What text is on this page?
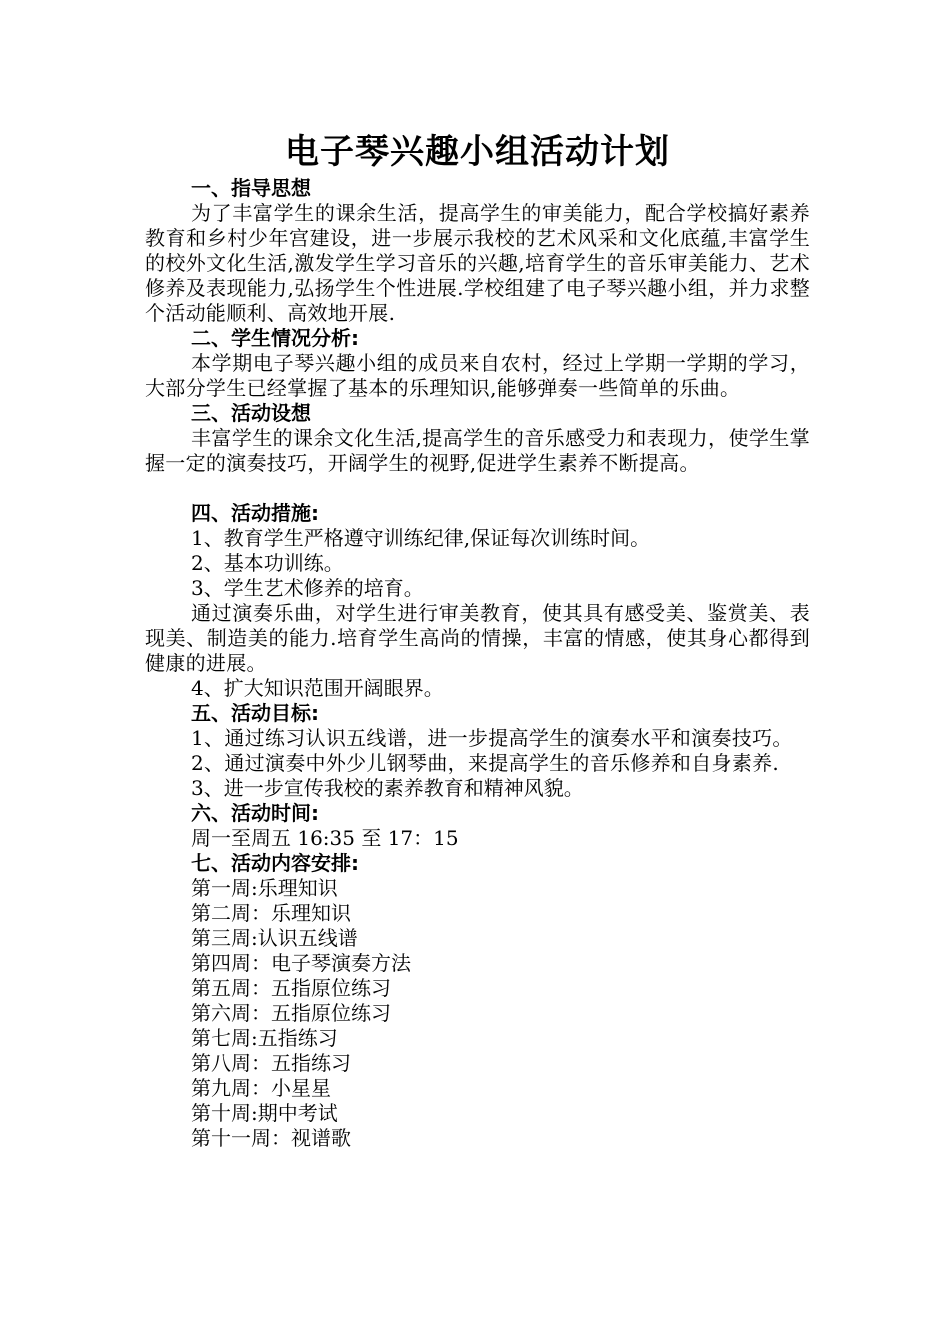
电子琴兴趣小组活动计划
一、指导思想
为了丰富学生的课余生活，提高学生的审美能力，配合学校搞好素养教育和乡村少年宫建设，进一步展示我校的艺术风采和文化底蕴,丰富学生的校外文化生活,激发学生学习音乐的兴趣,培育学生的音乐审美能力、艺术修养及表现能力,弘扬学生个性进展.学校组建了电子琴兴趣小组，并力求整个活动能顺利、高效地开展.
二、学生情况分析:
本学期电子琴兴趣小组的成员来自农村，经过上学期一学期的学习，大部分学生已经掌握了基本的乐理知识,能够弹奏一些简单的乐曲。
三、活动设想
丰富学生的课余文化生活,提高学生的音乐感受力和表现力，使学生掌握一定的演奏技巧，开阔学生的视野,促进学生素养不断提高。
四、活动措施:
1、教育学生严格遵守训练纪律,保证每次训练时间。
2、基本功训练。
3、学生艺术修养的培育。
通过演奏乐曲，对学生进行审美教育，使其具有感受美、鉴赏美、表现美、制造美的能力.培育学生高尚的情操，丰富的情感，使其身心都得到健康的进展。
4、扩大知识范围开阔眼界。
五、活动目标:
1、通过练习认识五线谱，进一步提高学生的演奏水平和演奏技巧。
2、通过演奏中外少儿钢琴曲，来提高学生的音乐修养和自身素养.
3、进一步宣传我校的素养教育和精神风貌。
六、活动时间:
周一至周五 16:35 至 17：15
七、活动内容安排:
第一周:乐理知识
第二周：乐理知识
第三周:认识五线谱
第四周：电子琴演奏方法
第五周：五指原位练习
第六周：五指原位练习
第七周:五指练习
第八周：五指练习
第九周：小星星
第十周:期中考试
第十一周：视谱歌
